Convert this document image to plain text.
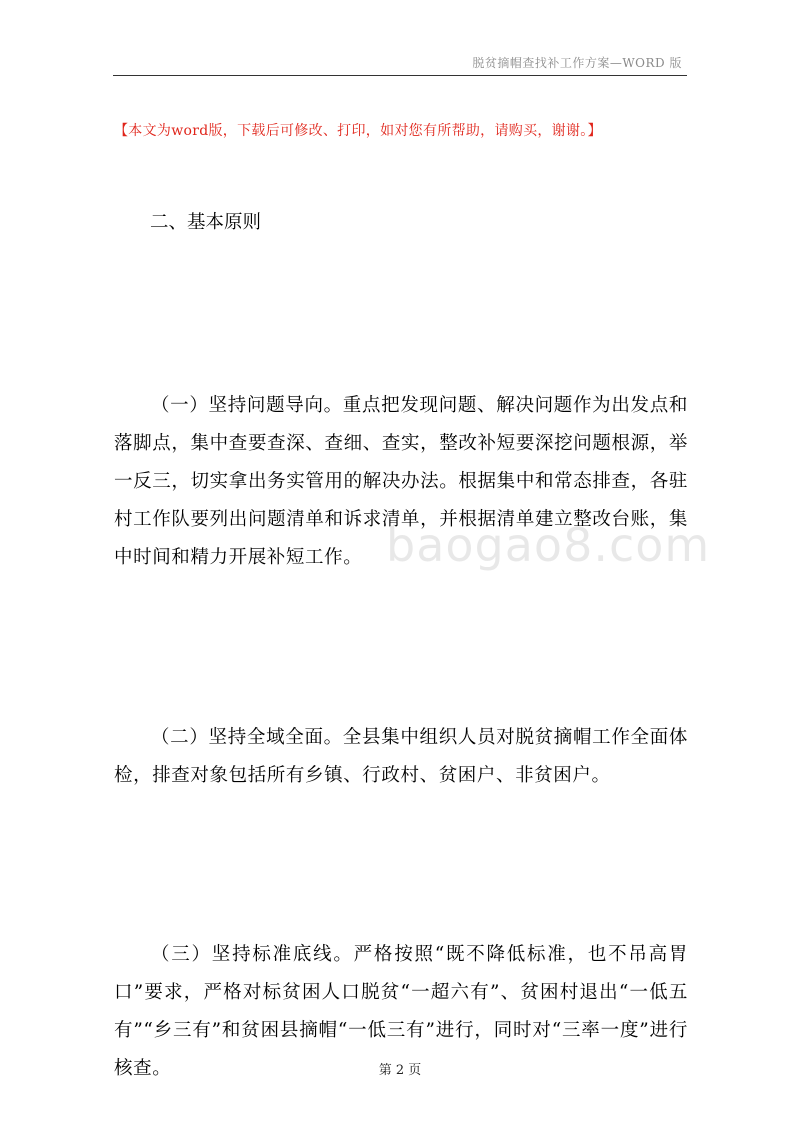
脱贫摘帽查找补工作方案—WORD 版
【本文为word版，下载后可修改、打印，如对您有所帮助，请购买，谢谢。】
二、基本原则

（一）坚持问题导向。重点把发现问题、解决问题作为出发点和落脚点，集中查要查深、查细、查实，整改补短要深挖问题根源，举一反三，切实拿出务实管用的解决办法。根据集中和常态排查，各驻村工作队要列出问题清单和诉求清单，并根据清单建立整改台账，集中时间和精力开展补短工作。

（二）坚持全域全面。全县集中组织人员对脱贫摘帽工作全面体检，排查对象包括所有乡镇、行政村、贫困户、非贫困户。

（三）坚持标准底线。严格按照“既不降低标准，也不吊高胃口”要求，严格对标贫困人口脱贫“一超六有”、贫困村退出“一低五有”“乡三有”和贫困县摘帽“一低三有”进行，同时对“三率一度”进行核查。

baogao8.com
第 2 页
